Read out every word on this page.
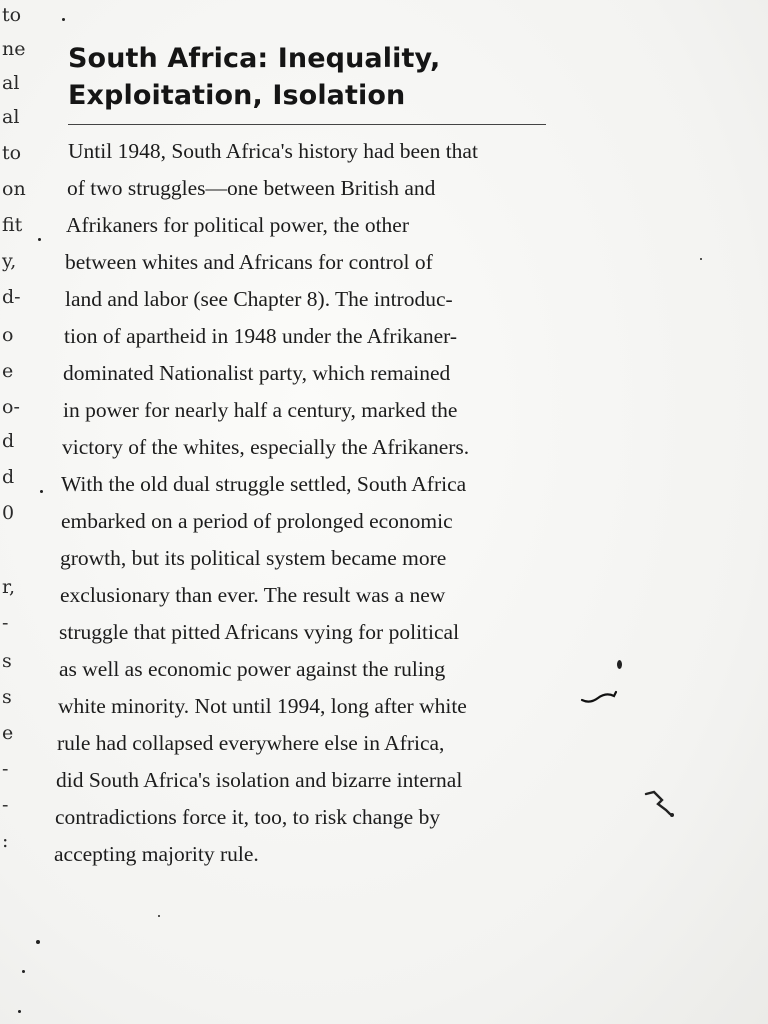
to
ne
al
al
to
on
fit
y,
d-
o
e
o-
d
d
0
r,
-
s
s
e
-
-
:
South Africa: Inequality,
Exploitation, Isolation
Until 1948, South Africa's history had been that
of two struggles—one between British and
Afrikaners for political power, the other
between whites and Africans for control of
land and labor (see Chapter 8). The introduc-
tion of apartheid in 1948 under the Afrikaner-
dominated Nationalist party, which remained
in power for nearly half a century, marked the
victory of the whites, especially the Afrikaners.
With the old dual struggle settled, South Africa
embarked on a period of prolonged economic
growth, but its political system became more
exclusionary than ever. The result was a new
struggle that pitted Africans vying for political
as well as economic power against the ruling
white minority. Not until 1994, long after white
rule had collapsed everywhere else in Africa,
did South Africa's isolation and bizarre internal
contradictions force it, too, to risk change by
accepting majority rule.
